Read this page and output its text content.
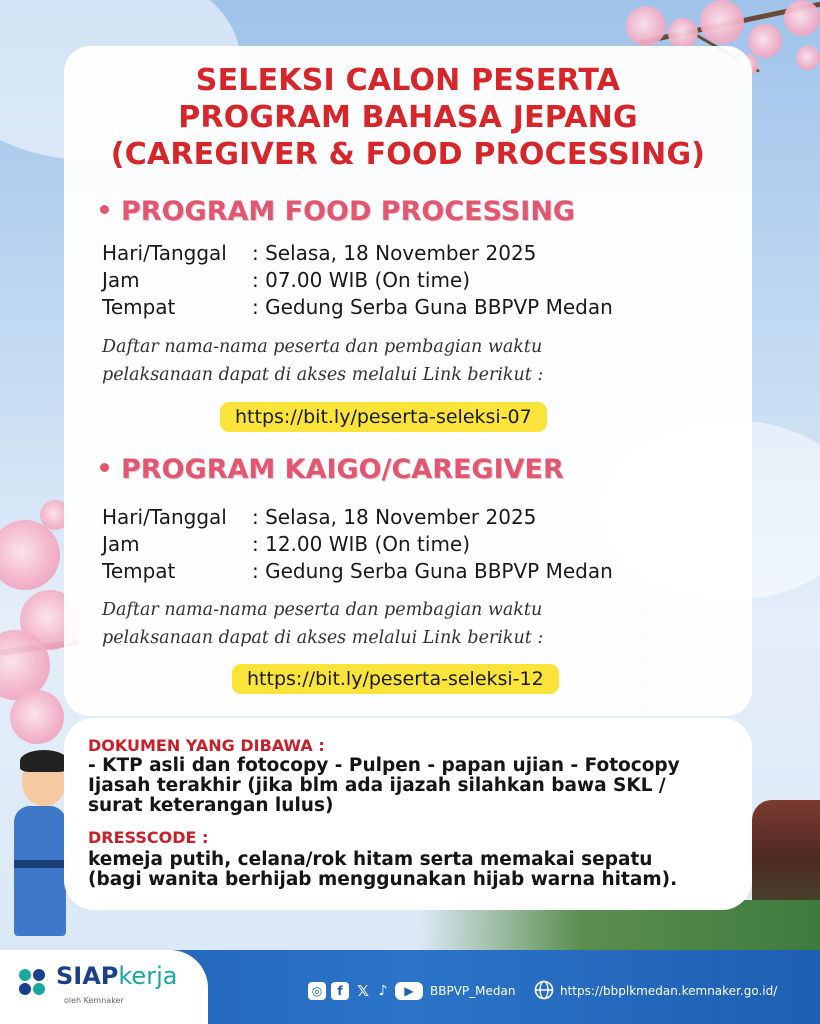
SELEKSI CALON PESERTA
PROGRAM BAHASA JEPANG
(CAREGIVER & FOOD PROCESSING)
PROGRAM FOOD PROCESSING
Hari/Tanggal	: Selasa, 18 November 2025
Jam	: 07.00 WIB (On time)
Tempat	: Gedung Serba Guna BBPVP Medan
Daftar nama-nama peserta dan pembagian waktu
pelaksanaan dapat di akses melalui Link berikut :
https://bit.ly/peserta-seleksi-07
PROGRAM KAIGO/CAREGIVER
Hari/Tanggal	: Selasa, 18 November 2025
Jam	: 12.00 WIB (On time)
Tempat	: Gedung Serba Guna BBPVP Medan
Daftar nama-nama peserta dan pembagian waktu
pelaksanaan dapat di akses melalui Link berikut :
https://bit.ly/peserta-seleksi-12
DOKUMEN YANG DIBAWA :
- KTP asli dan fotocopy - Pulpen - papan ujian - Fotocopy
Ijasah terakhir (jika blm ada ijazah silahkan bawa SKL /
surat keterangan lulus)
DRESSCODE :
kemeja putih, celana/rok hitam serta memakai sepatu
(bagi wanita berhijab menggunakan hijab warna hitam).
SIAPkerja
oleh Kemnaker
◎	f 𝕏 ♪	▶	BBPVP_Medan	https://bbplkmedan.kemnaker.go.id/
